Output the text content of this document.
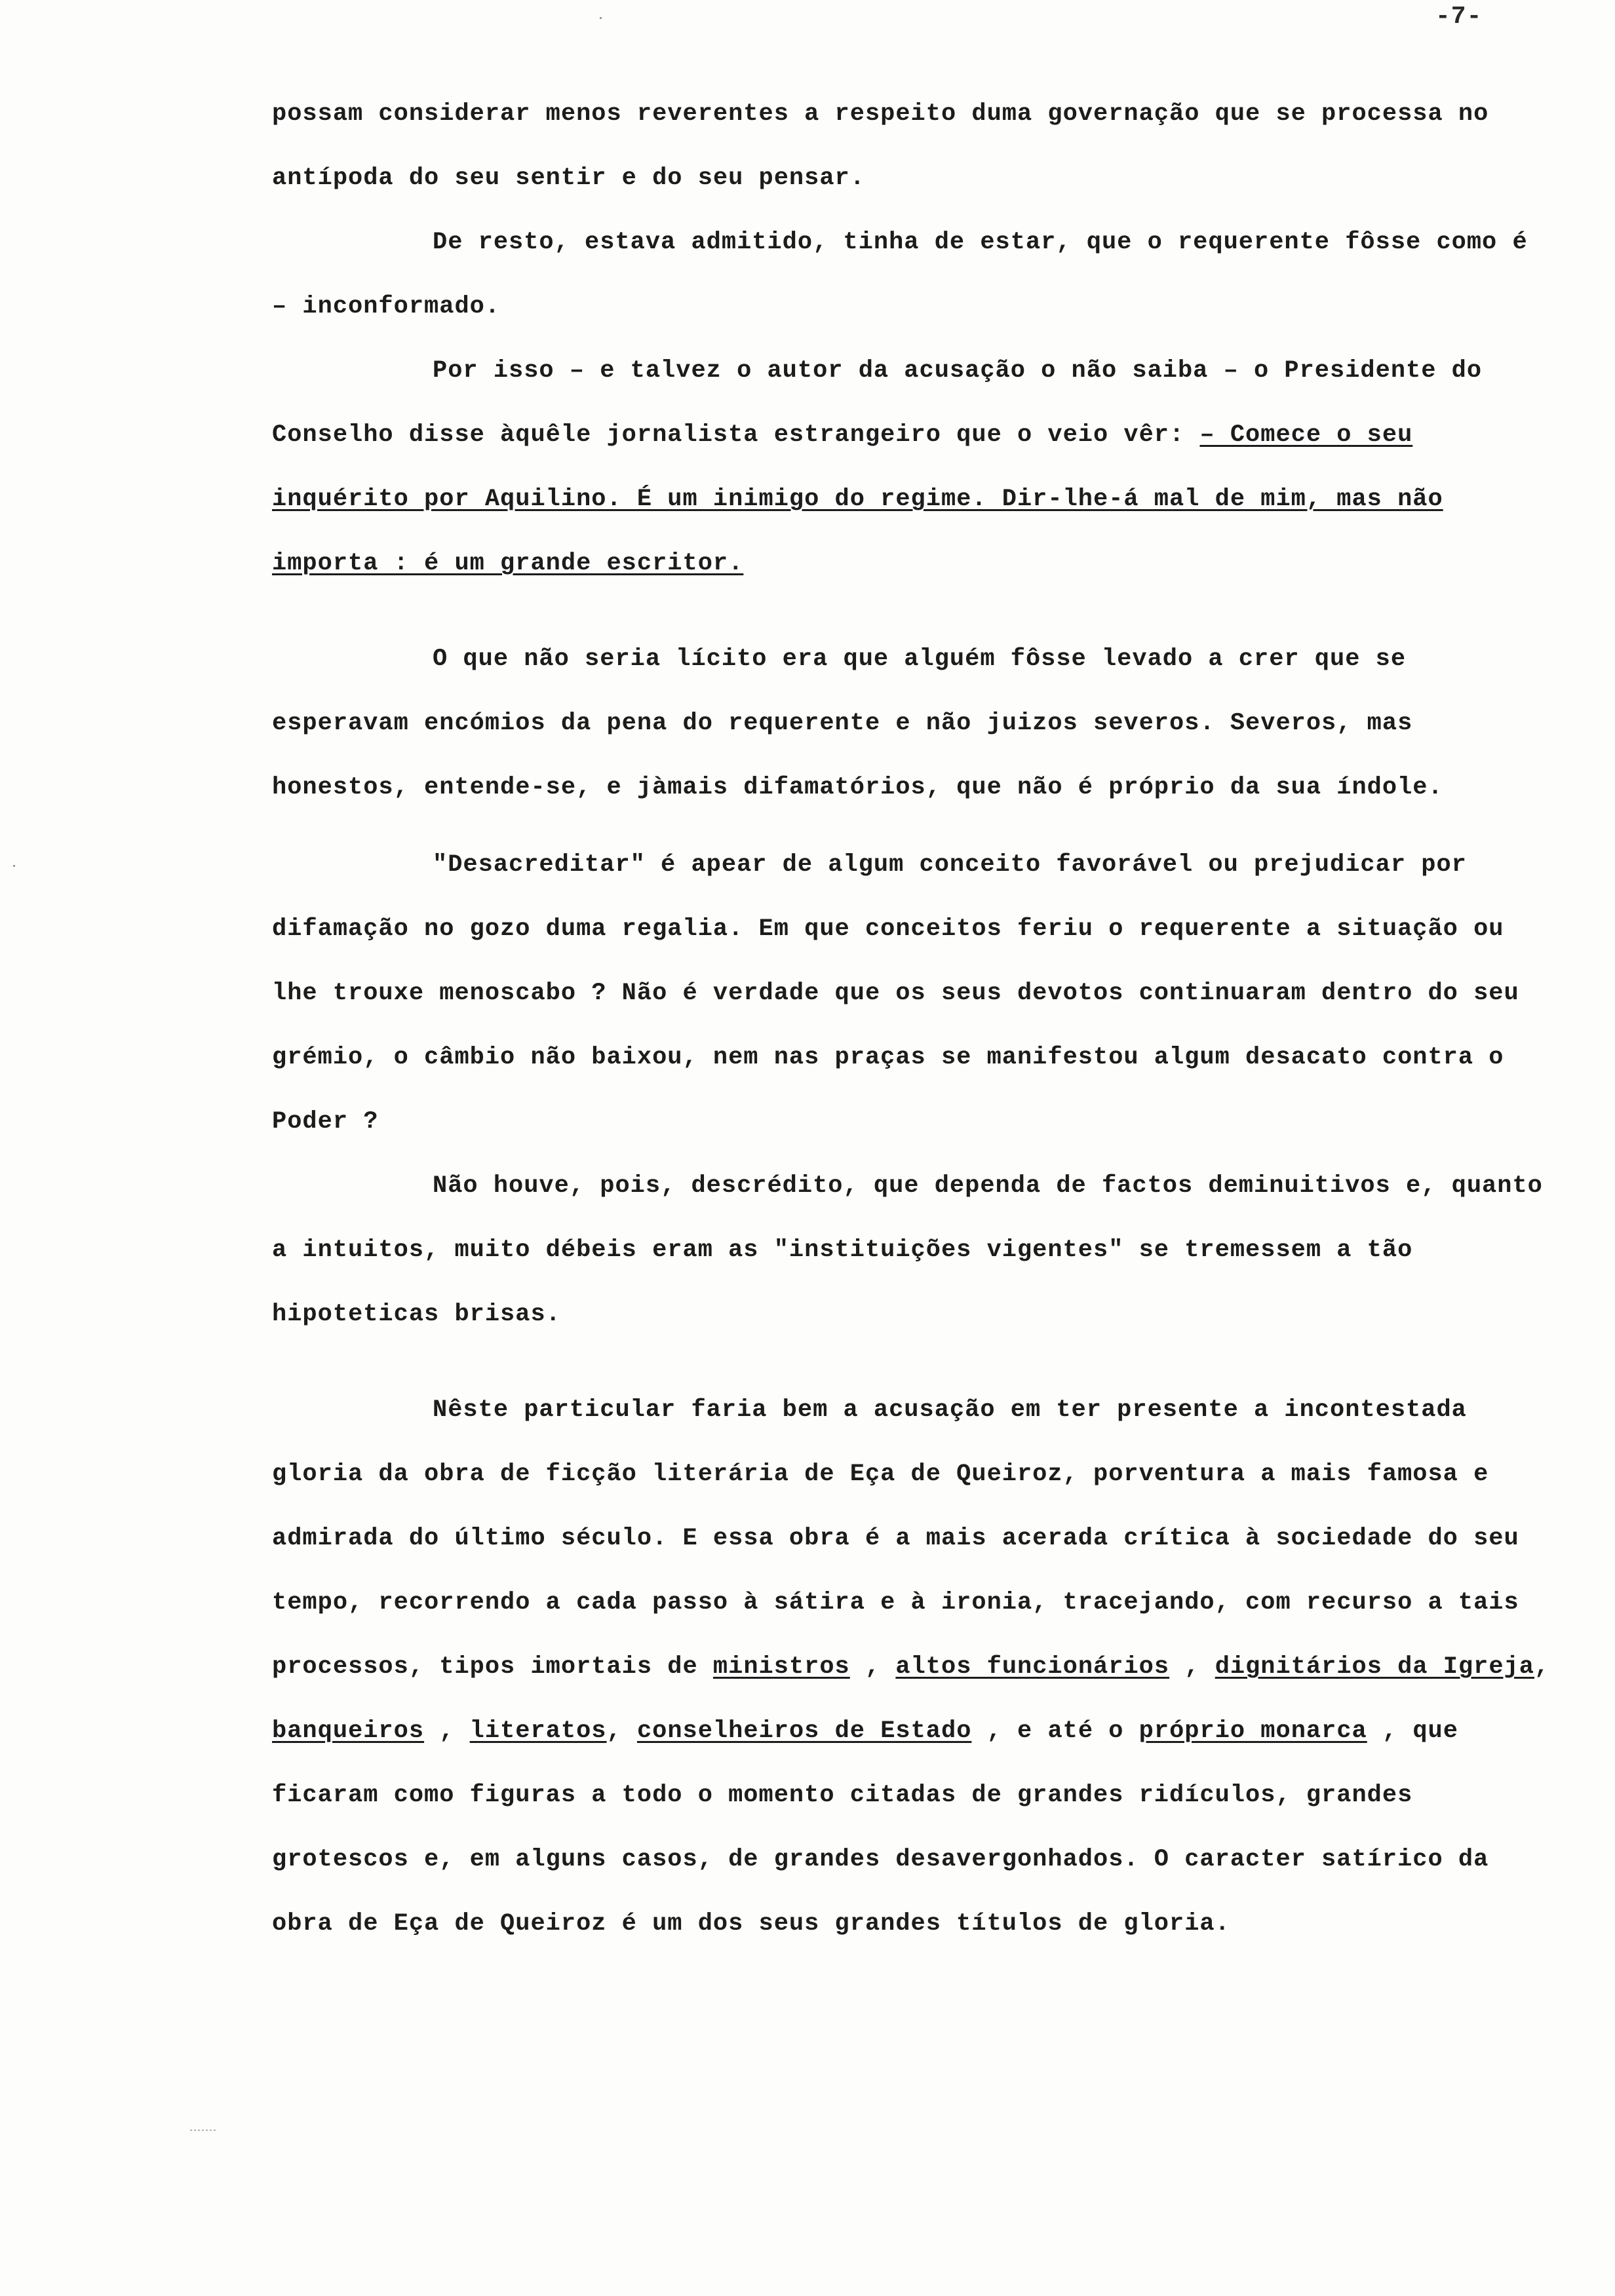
-7-

possam considerar menos reverentes a respeito duma governação que se processa no antípoda do seu sentir e do seu pensar.

De resto, estava admitido, tinha de estar, que o requerente fôsse como é – inconformado.

Por isso – e talvez o autor da acusação o não saiba – o Presidente do Conselho disse àquêle jornalista estrangeiro que o veio vêr: – Comece o seu inquérito por Aquilino. É um inimigo do regime. Dir-lhe-á mal de mim, mas não importa : é um grande escritor.

O que não seria lícito era que alguém fôsse levado a crer que se esperavam encómios da pena do requerente e não juizos severos. Severos, mas honestos, entende-se, e jàmais difamatórios, que não é próprio da sua índole.

"Desacreditar" é apear de algum conceito favorável ou prejudicar por difamação no gozo duma regalia. Em que conceitos feriu o requerente a situação ou lhe trouxe menoscabo ? Não é verdade que os seus devotos continuaram dentro do seu grémio, o câmbio não baixou, nem nas praças se manifestou algum desacato contra o Poder ?

Não houve, pois, descrédito, que dependa de factos deminuitivos e, quanto a intuitos, muito débeis eram as "instituições vigentes" se tremessem a tão hipoteticas brisas.

Nêste particular faria bem a acusação em ter presente a incontestada gloria da obra de ficção literária de Eça de Queiroz, porventura a mais famosa e admirada do último século. E essa obra é a mais acerada crítica à sociedade do seu tempo, recorrendo a cada passo à sátira e à ironia, tracejando, com recurso a tais processos, tipos imortais de ministros , altos funcionários , dignitários da Igreja, banqueiros , literatos, conselheiros de Estado , e até o próprio monarca , que ficaram como figuras a todo o momento citadas de grandes ridículos, grandes grotescos e, em alguns casos, de grandes desavergonhados. O caracter satírico da obra de Eça de Queiroz é um dos seus grandes títulos de gloria.
